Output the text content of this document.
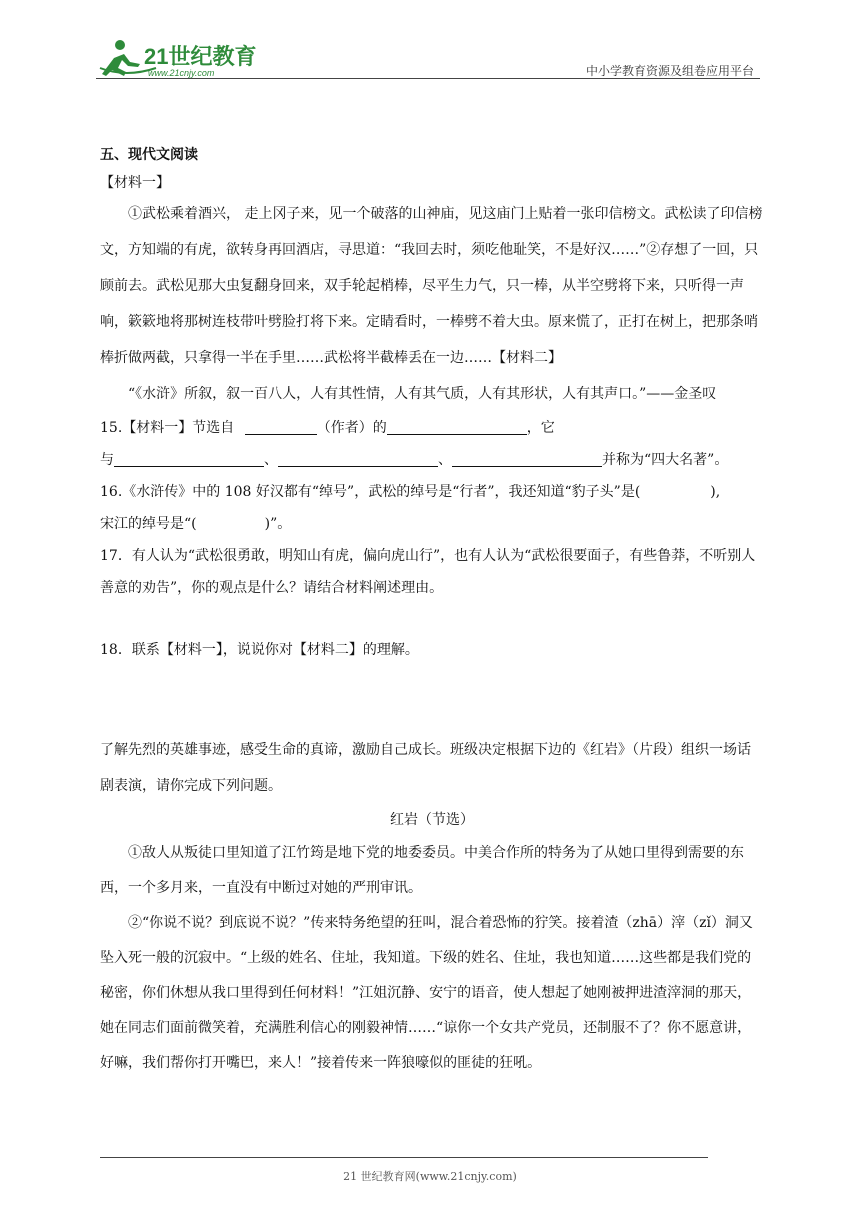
21世纪教育
www.21cnjy.com	中小学教育资源及组卷应用平台

五、现代文阅读

【材料一】

①武松乘着酒兴， 走上冈子来，见一个破落的山神庙，见这庙门上贴着一张印信榜文。武松读了印信榜文，方知端的有虎，欲转身再回酒店，寻思道：“我回去时，须吃他耻笑，不是好汉……”②存想了一回，只顾前去。武松见那大虫复翻身回来，双手轮起梢棒，尽平生力气，只一棒，从半空劈将下来，只听得一声响，簌簌地将那树连枝带叶劈脸打将下来。定睛看时，一棒劈不着大虫。原来慌了，正打在树上，把那条哨棒折做两截，只拿得一半在手里……武松将半截棒丢在一边……【材料二】

“《水浒》所叙，叙一百八人，人有其性情，人有其气质，人有其形状，人有其声口。”——金圣叹

15.【材料一】节选自	（作者）的	，它

与	、	、	并称为“四大名著”。

16.《水浒传》中的 108 好汉都有“绰号”，武松的绰号是“行者”，我还知道“豹子头”是(	),

宋江的绰号是“(	)”。

17．有人认为“武松很勇敢，明知山有虎，偏向虎山行”，也有人认为“武松很要面子，有些鲁莽，不听别人善意的劝告”，你的观点是什么？请结合材料阐述理由。

18．联系【材料一】，说说你对【材料二】的理解。

了解先烈的英雄事迹，感受生命的真谛，激励自己成长。班级决定根据下边的《红岩》（片段）组织一场话剧表演，请你完成下列问题。

红岩（节选）

①敌人从叛徒口里知道了江竹筠是地下党的地委委员。中美合作所的特务为了从她口里得到需要的东西，一个多月来，一直没有中断过对她的严刑审讯。

②“你说不说？到底说不说？”传来特务绝望 ·的狂叫，混合着恐怖的狞笑。接着渣（zhā）滓（zǐ）洞又坠入死一般的沉寂中。“上级的姓名、住址，我知道。下级的姓名、住址，我也知道……这些都是我们党的秘密，你们休想从我口里得到任何材料！”江姐沉静、安宁的语音，使人想起了她刚被押进渣滓洞的那天，她在同志们面前微笑着，充满胜利信心的刚毅 ·神情……“谅你一个女共产党员，还制服不了？你不愿意讲，好嘛，我们帮你打开嘴巴，来人！”接着传来一阵狼嚎似的匪徒的狂吼。

21 世纪教育网(www.21cnjy.com)
